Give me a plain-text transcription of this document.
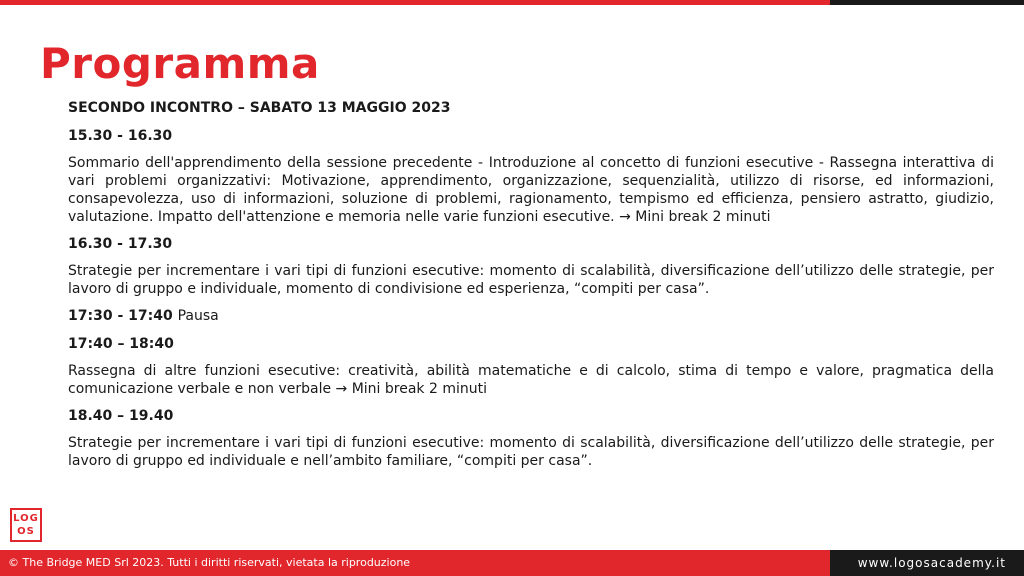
Programma
SECONDO INCONTRO – SABATO 13 MAGGIO 2023
15.30 - 16.30

Sommario dell'apprendimento della sessione precedente - Introduzione al concetto di funzioni esecutive - Rassegna interattiva di vari problemi organizzativi: Motivazione, apprendimento, organizzazione, sequenzialità, utilizzo di risorse, ed informazioni, consapevolezza, uso di informazioni, soluzione di problemi, ragionamento, tempismo ed efficienza, pensiero astratto, giudizio, valutazione. Impatto dell'attenzione e memoria nelle varie funzioni esecutive. → Mini break 2 minuti

16.30 - 17.30

Strategie per incrementare i vari tipi di funzioni esecutive: momento di scalabilità, diversificazione dell’utilizzo delle strategie, per lavoro di gruppo e individuale, momento di condivisione ed esperienza, “compiti per casa”.

17:30 - 17:40 Pausa
17:40 – 18:40

Rassegna di altre funzioni esecutive: creatività, abilità matematiche e di calcolo, stima di tempo e valore, pragmatica della comunicazione verbale e non verbale → Mini break 2 minuti

18.40 – 19.40

Strategie per incrementare i vari tipi di funzioni esecutive: momento di scalabilità, diversificazione dell’utilizzo delle strategie, per lavoro di gruppo ed individuale e nell’ambito familiare, “compiti per casa”.

LOG
OS
© The Bridge MED Srl 2023. Tutti i diritti riservati, vietata la riproduzione	www.logosacademy.it
